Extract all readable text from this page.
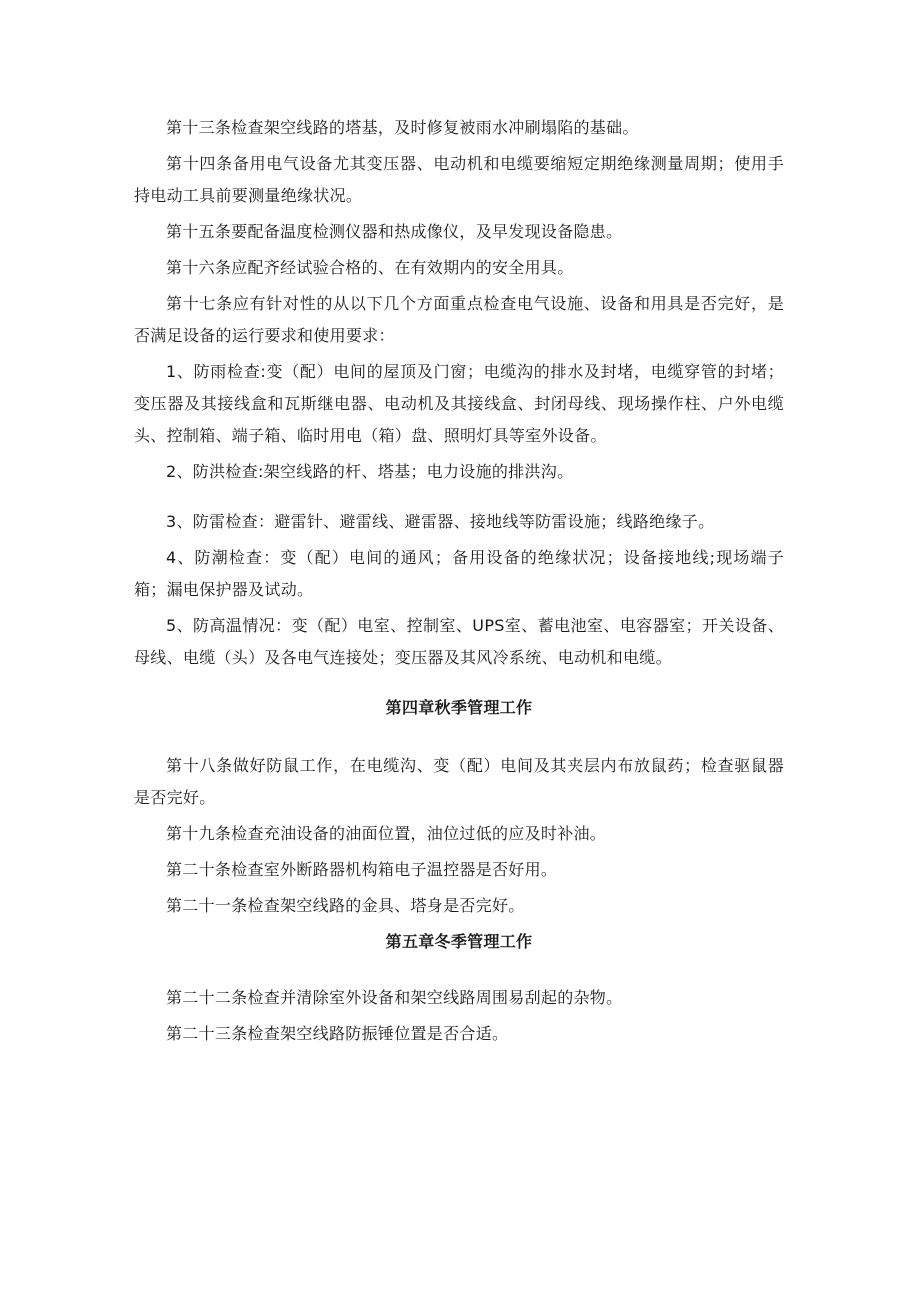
第十三条检查架空线路的塔基，及时修复被雨水冲刷塌陷的基础。

第十四条备用电气设备尤其变压器、电动机和电缆要缩短定期绝缘测量周期；使用手持电动工具前要测量绝缘状况。

第十五条要配备温度检测仪器和热成像仪，及早发现设备隐患。

第十六条应配齐经试验合格的、在有效期内的安全用具。

第十七条应有针对性的从以下几个方面重点检查电气设施、设备和用具是否完好，是否满足设备的运行要求和使用要求：

1、防雨检查:变（配）电间的屋顶及门窗；电缆沟的排水及封堵，电缆穿管的封堵；变压器及其接线盒和瓦斯继电器、电动机及其接线盒、封闭母线、现场操作柱、户外电缆头、控制箱、端子箱、临时用电（箱）盘、照明灯具等室外设备。

2、防洪检查:架空线路的杆、塔基；电力设施的排洪沟。

3、防雷检查：避雷针、避雷线、避雷器、接地线等防雷设施；线路绝缘子。

4、防潮检查：变（配）电间的通风；备用设备的绝缘状况；设备接地线;现场端子箱；漏电保护器及试动。

5、防高温情况：变（配）电室、控制室、UPS室、蓄电池室、电容器室；开关设备、母线、电缆（头）及各电气连接处；变压器及其风冷系统、电动机和电缆。

第四章秋季管理工作

第十八条做好防鼠工作，在电缆沟、变（配）电间及其夹层内布放鼠药；检查驱鼠器是否完好。

第十九条检查充油设备的油面位置，油位过低的应及时补油。

第二十条检查室外断路器机构箱电子温控器是否好用。

第二十一条检查架空线路的金具、塔身是否完好。

第五章冬季管理工作

第二十二条检查并清除室外设备和架空线路周围易刮起的杂物。

第二十三条检查架空线路防振锤位置是否合适。
